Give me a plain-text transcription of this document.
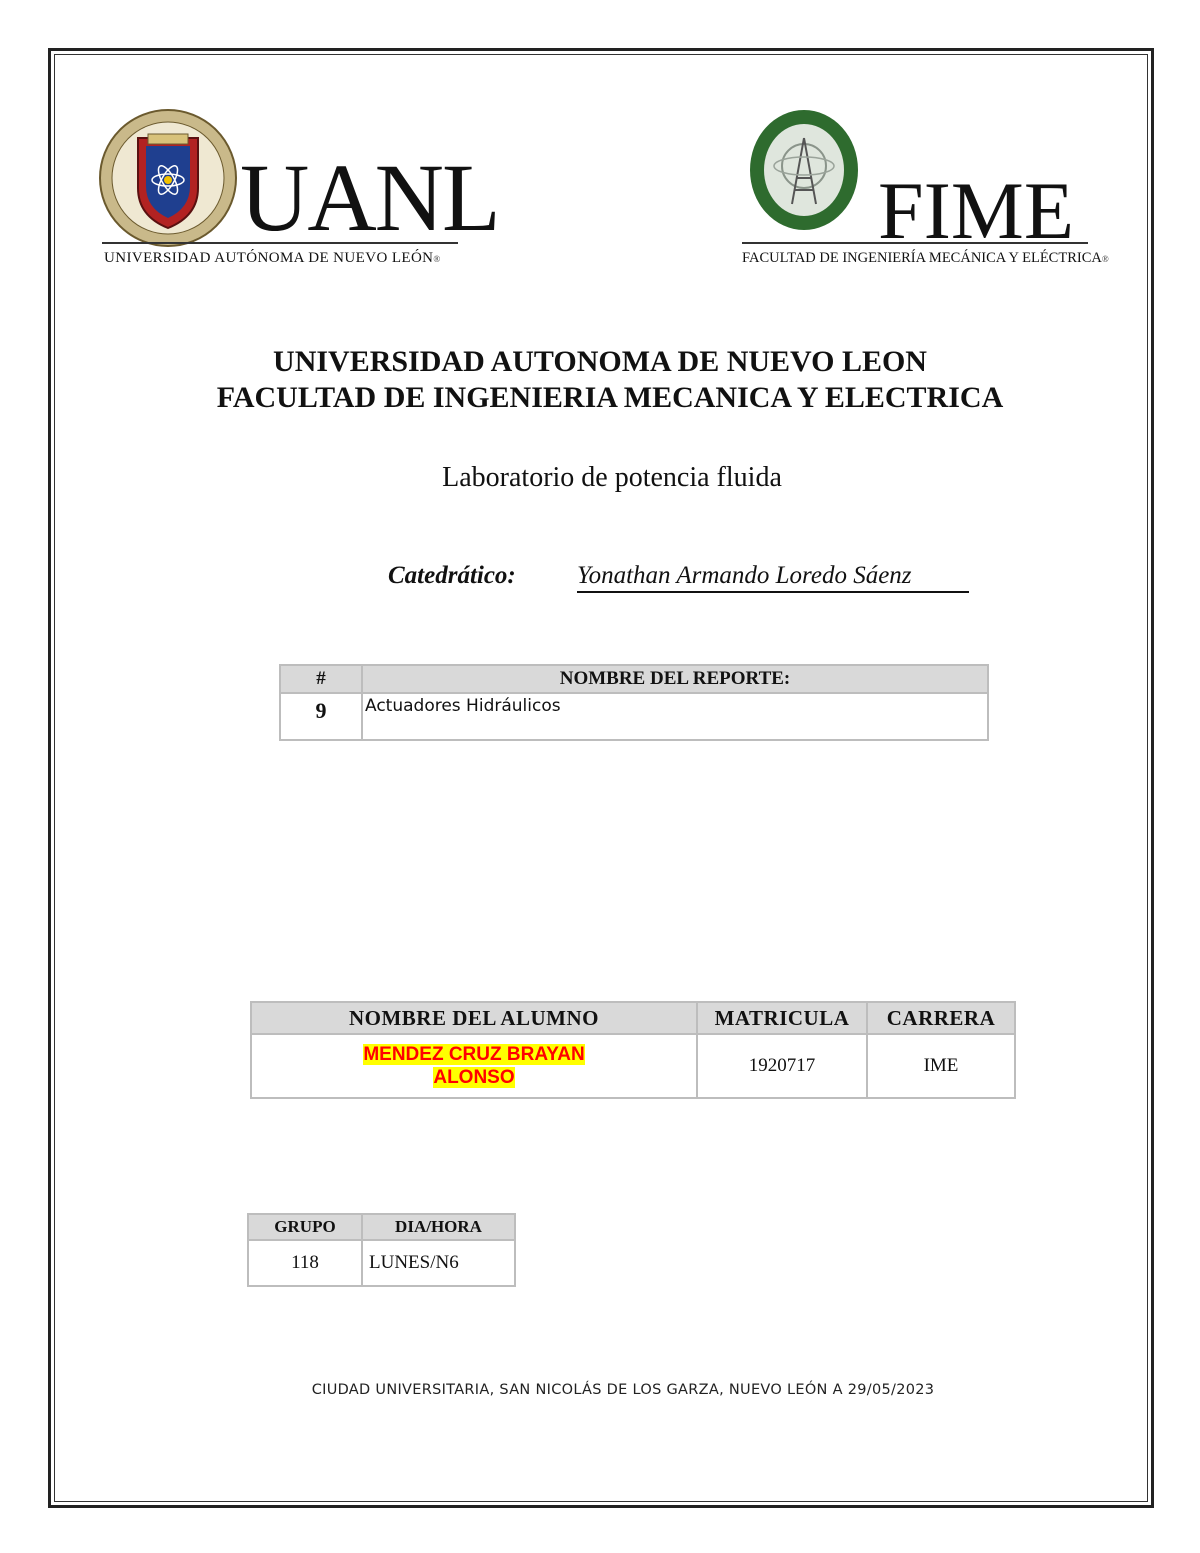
UANL
UNIVERSIDAD AUTÓNOMA DE NUEVO LEÓN®
FIME
FACULTAD DE INGENIERÍA MECÁNICA Y ELÉCTRICA®
UNIVERSIDAD AUTONOMA DE NUEVO LEON
FACULTAD DE INGENIERIA MECANICA Y ELECTRICA
Laboratorio de potencia fluida
Catedrático: Yonathan Armando Loredo Sáenz
#	NOMBRE DEL REPORTE:
9	Actuadores Hidráulicos
NOMBRE DEL ALUMNO	MATRICULA	CARRERA
MENDEZ CRUZ BRAYAN
ALONSO	1920717	IME
GRUPO	DIA/HORA
118	LUNES/N6
CIUDAD UNIVERSITARIA, SAN NICOLÁS DE LOS GARZA, NUEVO LEÓN A 29/05/2023
